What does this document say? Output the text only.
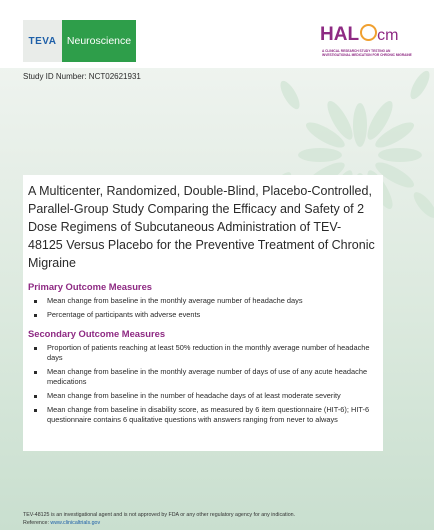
TEVA Neuroscience	HAL cm
A CLINICAL RESEARCH STUDY TESTING AN INVESTIGATIONAL MEDICATION FOR CHRONIC MIGRAINE
Study ID Number: NCT02621931
A Multicenter, Randomized, Double-Blind, Placebo-Controlled, Parallel-Group Study Comparing the Efficacy and Safety of 2 Dose Regimens of Subcutaneous Administration of TEV-48125 Versus Placebo for the Preventive Treatment of Chronic Migraine
Primary Outcome Measures
Mean change from baseline in the monthly average number of headache days
Percentage of participants with adverse events
Secondary Outcome Measures
Proportion of patients reaching at least 50% reduction in the monthly average number of headache days
Mean change from baseline in the monthly average number of days of use of any acute headache medications
Mean change from baseline in the number of headache days of at least moderate severity
Mean change from baseline in disability score, as measured by 6 item questionnaire (HIT-6); HIT-6 questionnaire contains 6 qualitative questions with answers ranging from never to always
TEV-48125 is an investigational agent and is not approved by FDA or any other regulatory agency for any indication.
Reference: www.clinicaltrials.gov
